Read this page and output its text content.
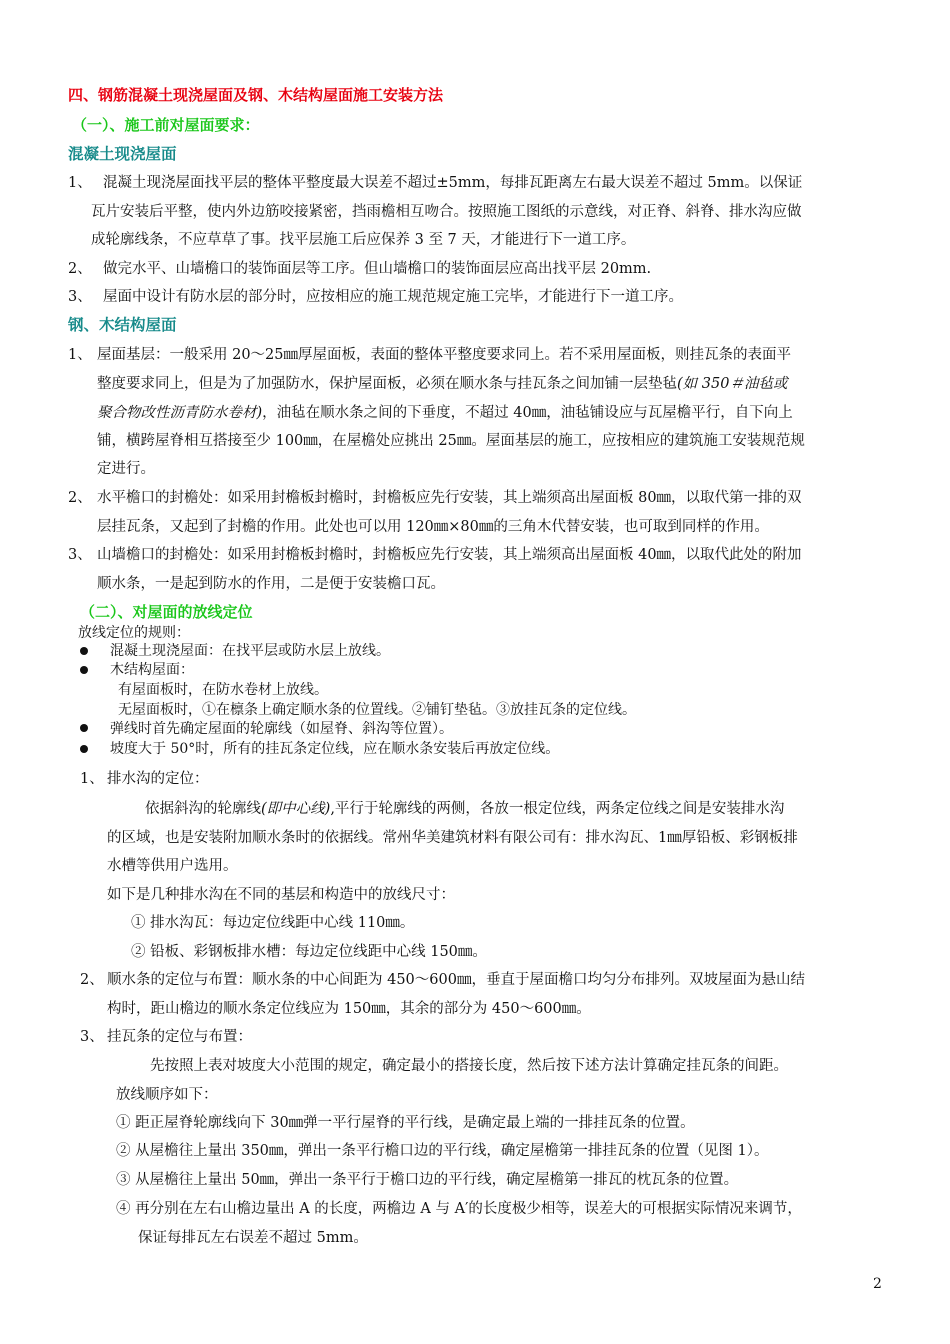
四、钢筋混凝土现浇屋面及钢、木结构屋面施工安装方法
（一）、施工前对屋面要求：
混凝土现浇屋面
1、 混凝土现浇屋面找平层的整体平整度最大误差不超过±5mm，每排瓦距离左右最大误差不超过 5mm。以保证
瓦片安装后平整，使内外边筋咬接紧密，挡雨檐相互吻合。按照施工图纸的示意线，对正脊、斜脊、排水沟应做
成轮廓线条，不应草草了事。找平层施工后应保养 3 至 7 天，才能进行下一道工序。
2、 做完水平、山墙檐口的装饰面层等工序。但山墙檐口的装饰面层应高出找平层 20mm.
3、 屋面中设计有防水层的部分时，应按相应的施工规范规定施工完毕，才能进行下一道工序。
钢、木结构屋面
1、 屋面基层：一般采用 20～25㎜厚屋面板，表面的整体平整度要求同上。若不采用屋面板，则挂瓦条的表面平
整度要求同上，但是为了加强防水，保护屋面板，必须在顺水条与挂瓦条之间加铺一层垫毡(如 350＃油毡或
聚合物改性沥青防水卷材)，油毡在顺水条之间的下垂度，不超过 40㎜，油毡铺设应与瓦屋檐平行，自下向上
铺，横跨屋脊相互搭接至少 100㎜，在屋檐处应挑出 25㎜。屋面基层的施工，应按相应的建筑施工安装规范规
定进行。
2、 水平檐口的封檐处：如采用封檐板封檐时，封檐板应先行安装，其上端须高出屋面板 80㎜，以取代第一排的双
层挂瓦条，又起到了封檐的作用。此处也可以用 120㎜×80㎜的三角木代替安装，也可取到同样的作用。
3、 山墙檐口的封檐处：如采用封檐板封檐时，封檐板应先行安装，其上端须高出屋面板 40㎜，以取代此处的附加
顺水条，一是起到防水的作用，二是便于安装檐口瓦。
（二）、对屋面的放线定位
放线定位的规则：
混凝土现浇屋面：在找平层或防水层上放线。
木结构屋面：
有屋面板时，在防水卷材上放线。
无屋面板时，①在檩条上确定顺水条的位置线。②铺钉垫毡。③放挂瓦条的定位线。
弹线时首先确定屋面的轮廓线（如屋脊、斜沟等位置）。
坡度大于 50°时，所有的挂瓦条定位线，应在顺水条安装后再放定位线。
1、 排水沟的定位：
依据斜沟的轮廓线(即中心线),平行于轮廓线的两侧，各放一根定位线，两条定位线之间是安装排水沟
的区域，也是安装附加顺水条时的依据线。常州华美建筑材料有限公司有：排水沟瓦、1㎜厚铅板、彩钢板排
水槽等供用户选用。
如下是几种排水沟在不同的基层和构造中的放线尺寸：
① 排水沟瓦：每边定位线距中心线 110㎜。
② 铅板、彩钢板排水槽：每边定位线距中心线 150㎜。
2、 顺水条的定位与布置：顺水条的中心间距为 450～600㎜，垂直于屋面檐口均匀分布排列。双坡屋面为悬山结
构时，距山檐边的顺水条定位线应为 150㎜，其余的部分为 450～600㎜。
3、 挂瓦条的定位与布置：
先按照上表对坡度大小范围的规定，确定最小的搭接长度，然后按下述方法计算确定挂瓦条的间距。
放线顺序如下：
① 距正屋脊轮廓线向下 30㎜弹一平行屋脊的平行线，是确定最上端的一排挂瓦条的位置。
② 从屋檐往上量出 350㎜，弹出一条平行檐口边的平行线，确定屋檐第一排挂瓦条的位置（见图 1）。
③ 从屋檐往上量出 50㎜，弹出一条平行于檐口边的平行线，确定屋檐第一排瓦的枕瓦条的位置。
④ 再分别在左右山檐边量出 A 的长度，两檐边 A 与 A′的长度极少相等，误差大的可根据实际情况来调节，
保证每排瓦左右误差不超过 5mm。
2
